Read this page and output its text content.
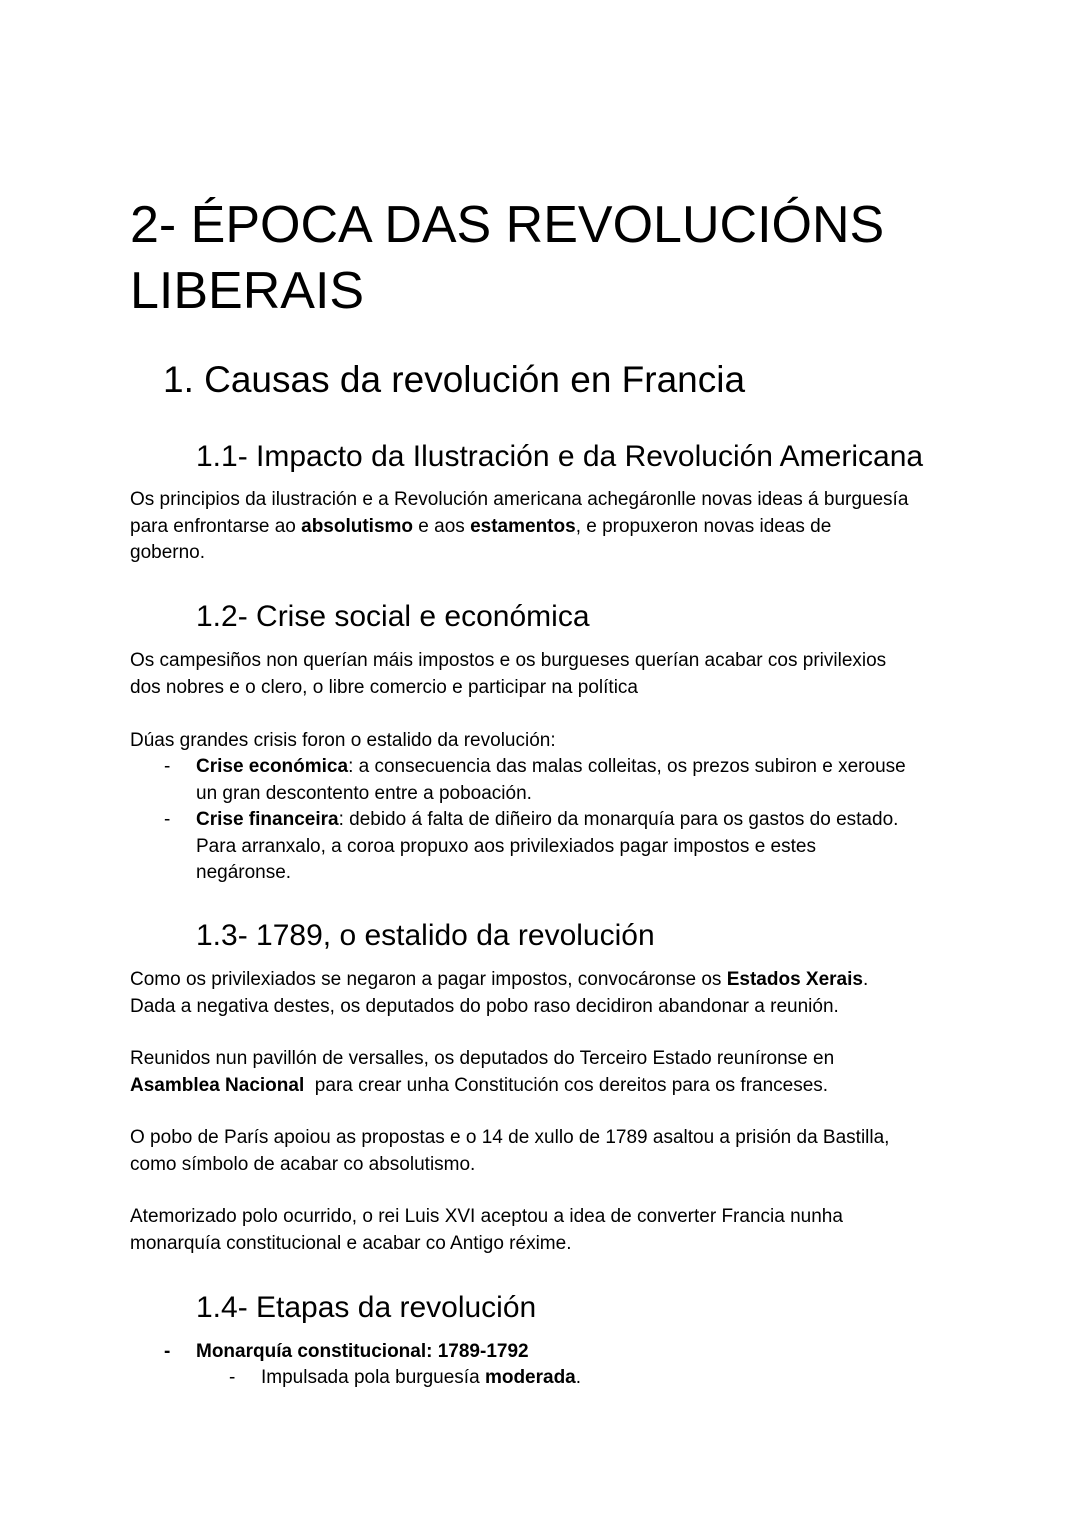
2- ÉPOCA DAS REVOLUCIÓNS
LIBERAIS
1. Causas da revolución en Francia
1.1- Impacto da Ilustración e da Revolución Americana

Os principios da ilustración e a Revolución americana achegáronlle novas ideas á burguesía
para enfrontarse ao absolutismo e aos estamentos, e propuxeron novas ideas de
goberno.

1.2- Crise social e económica

Os campesiños non querían máis impostos e os burgueses querían acabar cos privilexios
dos nobres e o clero, o libre comercio e participar na política

Dúas grandes crisis foron o estalido da revolución:

- Crise económica: a consecuencia das malas colleitas, os prezos subiron e xerouse
un gran descontento entre a poboación.

- Crise financeira: debido á falta de diñeiro da monarquía para os gastos do estado.
Para arranxalo, a coroa propuxo aos privilexiados pagar impostos e estes
negáronse.

1.3- 1789, o estalido da revolución

Como os privilexiados se negaron a pagar impostos, convocáronse os Estados Xerais.
Dada a negativa destes, os deputados do pobo raso decidiron abandonar a reunión.

Reunidos nun pavillón de versalles, os deputados do Terceiro Estado reuníronse en
Asamblea Nacional  para crear unha Constitución cos dereitos para os franceses.

O pobo de París apoiou as propostas e o 14 de xullo de 1789 asaltou a prisión da Bastilla,
como símbolo de acabar co absolutismo.

Atemorizado polo ocurrido, o rei Luis XVI aceptou a idea de converter Francia nunha
monarquía constitucional e acabar co Antigo réxime.

1.4- Etapas da revolución
- Monarquía constitucional: 1789-1792

- Impulsada pola burguesía moderada.
